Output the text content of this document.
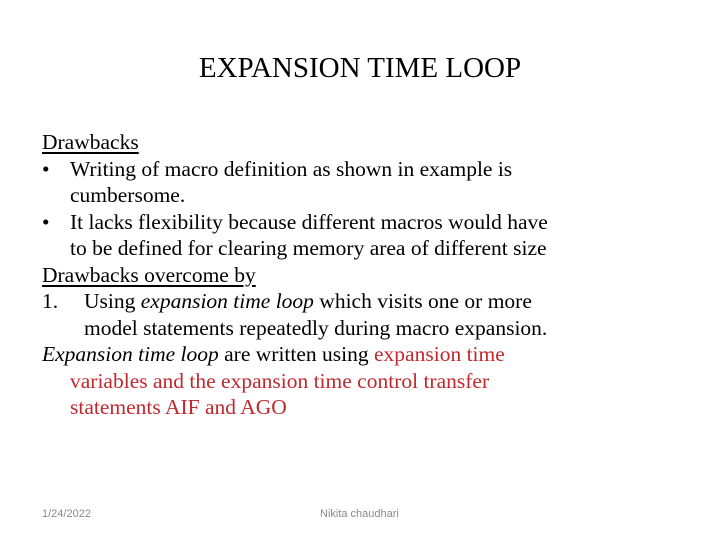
EXPANSION TIME LOOP
Drawbacks
• Writing of macro definition as shown in example is
cumbersome.
• It lacks flexibility because different macros would have
to be defined for clearing memory area of different size
Drawbacks overcome by
1. Using expansion time loop which visits one or more
model statements repeatedly during macro expansion.
Expansion time loop are written using expansion time
variables and the expansion time control transfer
statements AIF and AGO
1/24/2022	Nikita chaudhari
